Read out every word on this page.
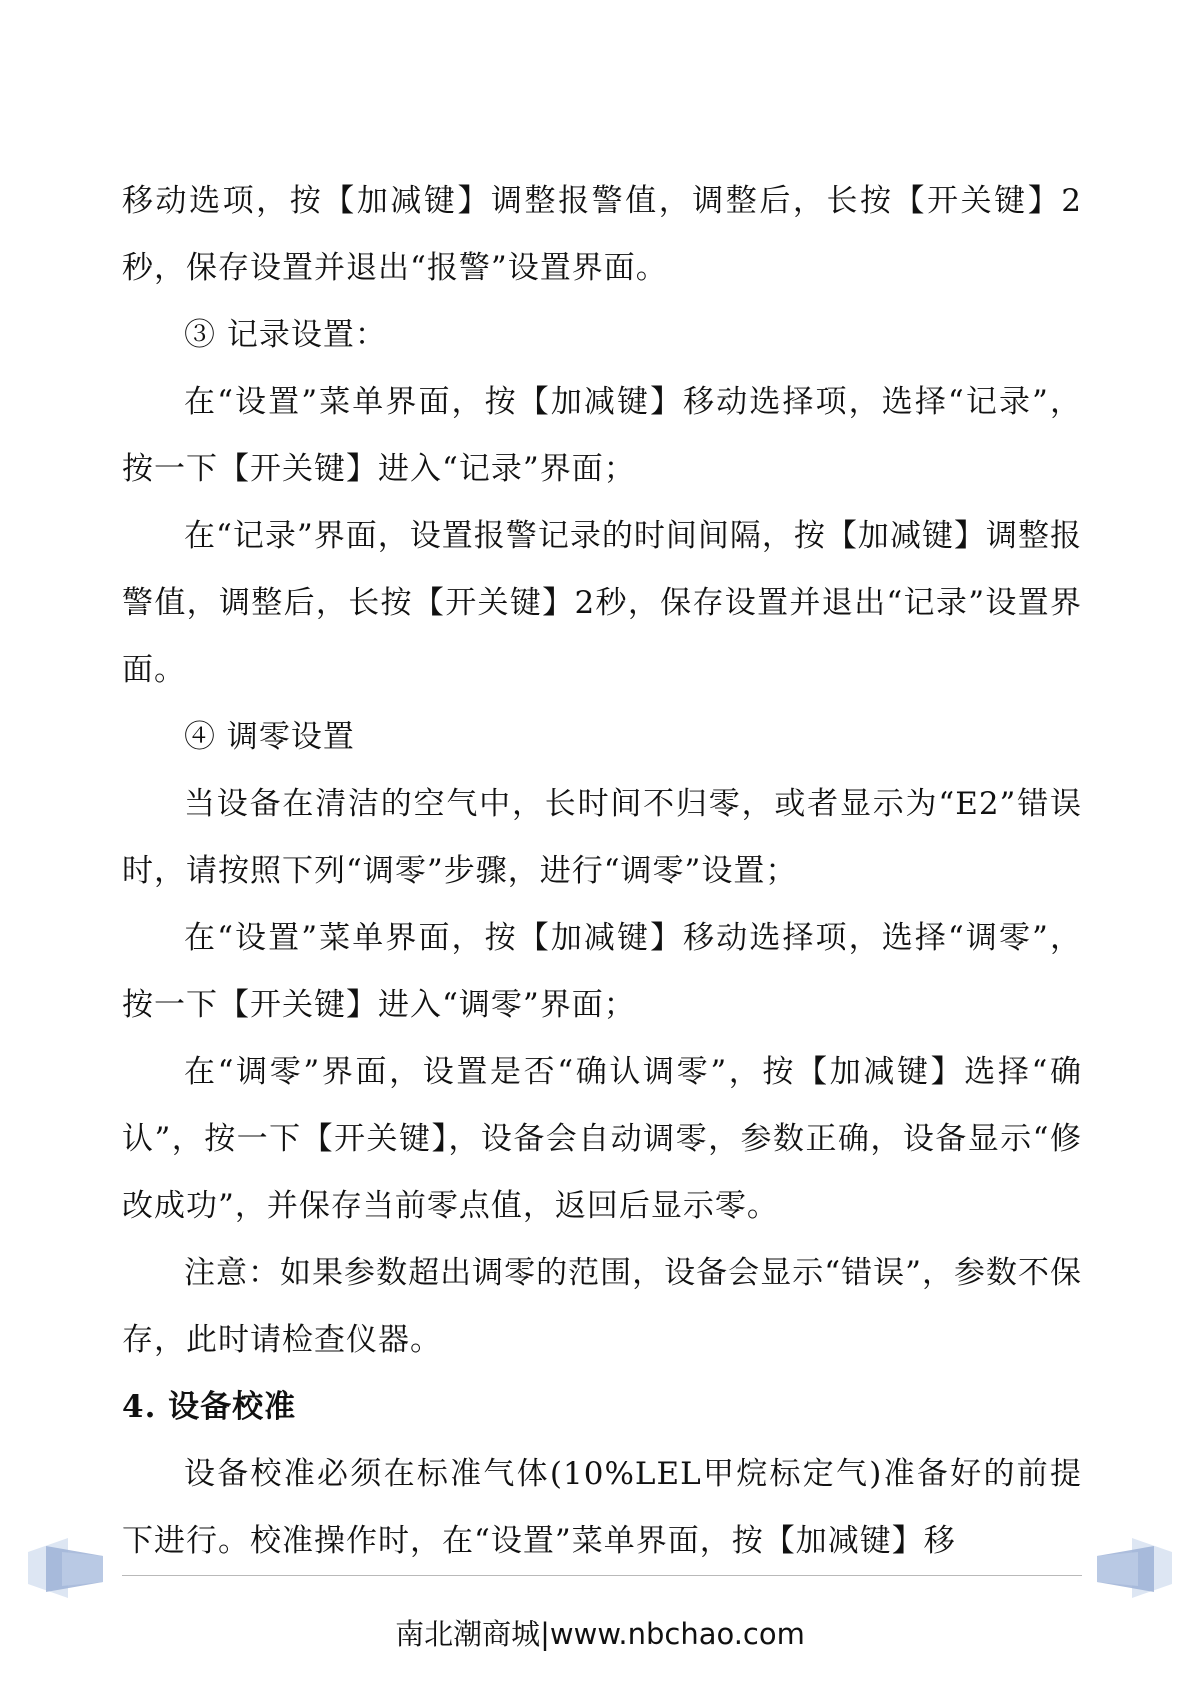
移动选项，按【加减键】调整报警值，调整后，长按【开关键】2秒，保存设置并退出“报警”设置界面。

③ 记录设置：

在“设置”菜单界面，按【加减键】移动选择项，选择“记录”，按一下【开关键】进入“记录”界面；

在“记录”界面，设置报警记录的时间间隔，按【加减键】调整报警值，调整后，长按【开关键】2秒，保存设置并退出“记录”设置界面。

④ 调零设置

当设备在清洁的空气中，长时间不归零，或者显示为“E2”错误时，请按照下列“调零”步骤，进行“调零”设置；

在“设置”菜单界面，按【加减键】移动选择项，选择“调零”，按一下【开关键】进入“调零”界面；

在“调零”界面，设置是否“确认调零”，按【加减键】选择“确认”，按一下【开关键】，设备会自动调零，参数正确，设备显示“修改成功”，并保存当前零点值，返回后显示零。

注意：如果参数超出调零的范围，设备会显示“错误”，参数不保存，此时请检查仪器。

4. 设备校准

设备校准必须在标准气体(10%LEL甲烷标定气)准备好的前提下进行。校准操作时，在“设置”菜单界面，按【加减键】移

南北潮商城|www.nbchao.com
